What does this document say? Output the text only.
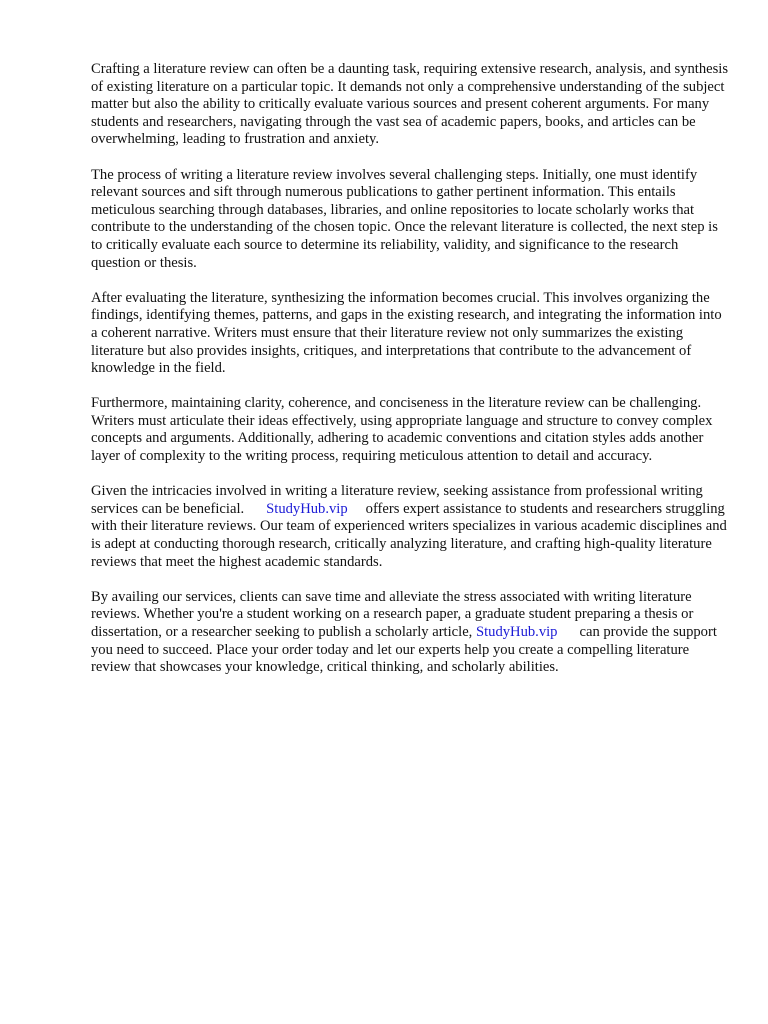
Crafting a literature review can often be a daunting task, requiring extensive research, analysis, and synthesis of existing literature on a particular topic. It demands not only a comprehensive understanding of the subject matter but also the ability to critically evaluate various sources and present coherent arguments. For many students and researchers, navigating through the vast sea of academic papers, books, and articles can be overwhelming, leading to frustration and anxiety.

The process of writing a literature review involves several challenging steps. Initially, one must identify relevant sources and sift through numerous publications to gather pertinent information. This entails meticulous searching through databases, libraries, and online repositories to locate scholarly works that contribute to the understanding of the chosen topic. Once the relevant literature is collected, the next step is to critically evaluate each source to determine its reliability, validity, and significance to the research question or thesis.

After evaluating the literature, synthesizing the information becomes crucial. This involves organizing the findings, identifying themes, patterns, and gaps in the existing research, and integrating the information into a coherent narrative. Writers must ensure that their literature review not only summarizes the existing literature but also provides insights, critiques, and interpretations that contribute to the advancement of knowledge in the field.

Furthermore, maintaining clarity, coherence, and conciseness in the literature review can be challenging. Writers must articulate their ideas effectively, using appropriate language and structure to convey complex concepts and arguments. Additionally, adhering to academic conventions and citation styles adds another layer of complexity to the writing process, requiring meticulous attention to detail and accuracy.

Given the intricacies involved in writing a literature review, seeking assistance from professional writing services can be beneficial. StudyHub.vip offers expert assistance to students and researchers struggling with their literature reviews. Our team of experienced writers specializes in various academic disciplines and is adept at conducting thorough research, critically analyzing literature, and crafting high-quality literature reviews that meet the highest academic standards.

By availing our services, clients can save time and alleviate the stress associated with writing literature reviews. Whether you're a student working on a research paper, a graduate student preparing a thesis or dissertation, or a researcher seeking to publish a scholarly article, StudyHub.vip can provide the support you need to succeed. Place your order today and let our experts help you create a compelling literature review that showcases your knowledge, critical thinking, and scholarly abilities.
